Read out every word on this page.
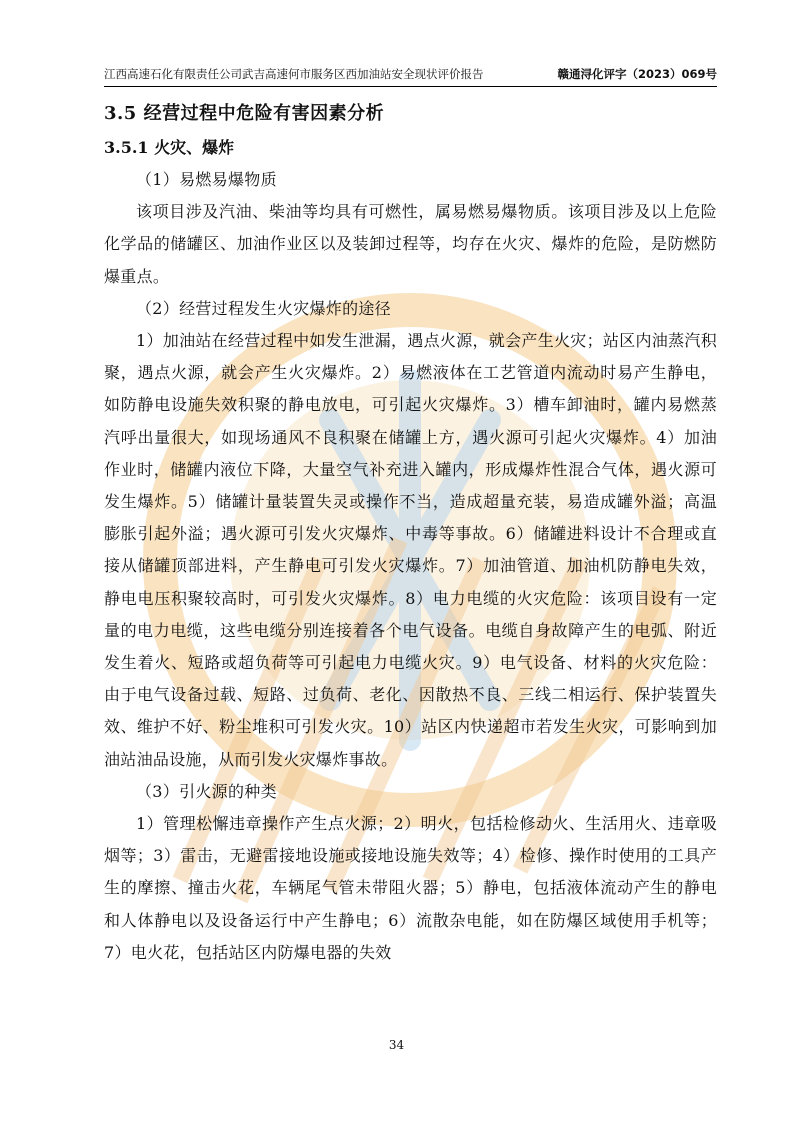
江西高速石化有限责任公司武吉高速何市服务区西加油站安全现状评价报告	赣通浔化评字（2023）069号
3.5 经营过程中危险有害因素分析
3.5.1 火灾、爆炸
（1）易燃易爆物质
该项目涉及汽油、柴油等均具有可燃性，属易燃易爆物质。该项目涉及以上危险化学品的储罐区、加油作业区以及装卸过程等，均存在火灾、爆炸的危险，是防燃防爆重点。
（2）经营过程发生火灾爆炸的途径
1）加油站在经营过程中如发生泄漏，遇点火源，就会产生火灾；站区内油蒸汽积聚，遇点火源，就会产生火灾爆炸。2）易燃液体在工艺管道内流动时易产生静电，如防静电设施失效积聚的静电放电，可引起火灾爆炸。3）槽车卸油时，罐内易燃蒸汽呼出量很大，如现场通风不良积聚在储罐上方，遇火源可引起火灾爆炸。4）加油作业时，储罐内液位下降，大量空气补充进入罐内，形成爆炸性混合气体，遇火源可发生爆炸。5）储罐计量装置失灵或操作不当，造成超量充装，易造成罐外溢；高温膨胀引起外溢；遇火源可引发火灾爆炸、中毒等事故。6）储罐进料设计不合理或直接从储罐顶部进料，产生静电可引发火灾爆炸。7）加油管道、加油机防静电失效，静电电压积聚较高时，可引发火灾爆炸。8）电力电缆的火灾危险：该项目设有一定量的电力电缆，这些电缆分别连接着各个电气设备。电缆自身故障产生的电弧、附近发生着火、短路或超负荷等可引起电力电缆火灾。9）电气设备、材料的火灾危险：由于电气设备过载、短路、过负荷、老化、因散热不良、三线二相运行、保护装置失效、维护不好、粉尘堆积可引发火灾。10）站区内快递超市若发生火灾，可影响到加油站油品设施，从而引发火灾爆炸事故。
（3）引火源的种类
1）管理松懈违章操作产生点火源；2）明火，包括检修动火、生活用火、违章吸烟等；3）雷击，无避雷接地设施或接地设施失效等；4）检修、操作时使用的工具产生的摩擦、撞击火花，车辆尾气管未带阻火器；5）静电，包括液体流动产生的静电和人体静电以及设备运行中产生静电；6）流散杂电能，如在防爆区域使用手机等；7）电火花，包括站区内防爆电器的失效
34
